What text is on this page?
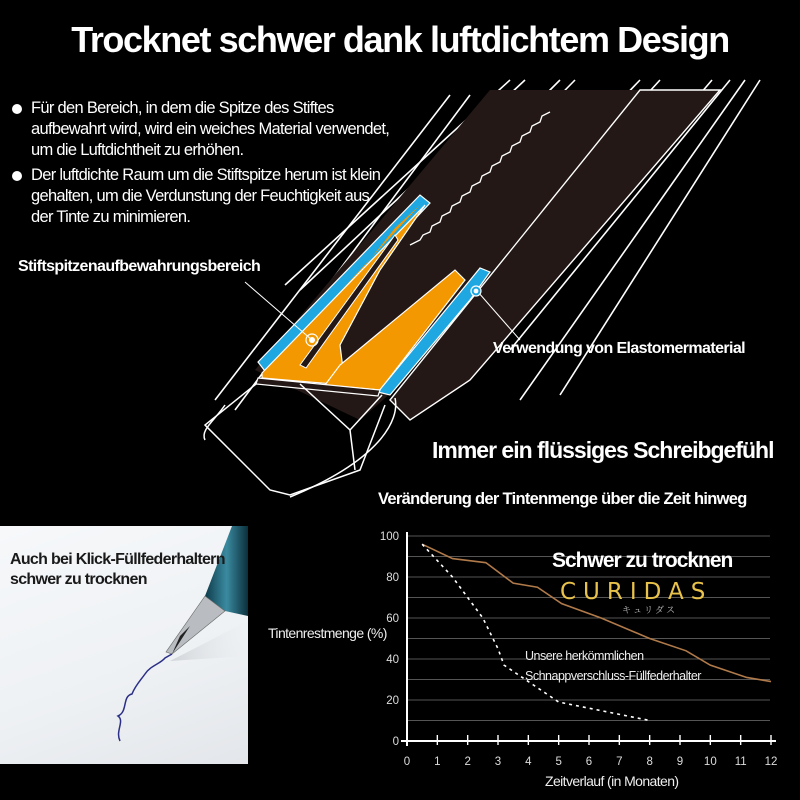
Trocknet schwer dank luftdichtem Design
Für den Bereich, in dem die Spitze des Stiftes aufbewahrt wird, wird ein weiches Material verwendet, um die Luftdichtheit zu erhöhen.
Der luftdichte Raum um die Stiftspitze herum ist klein gehalten, um die Verdunstung der Feuchtigkeit aus der Tinte zu minimieren.
Stiftspitzenaufbewahrungsbereich
Verwendung von Elastomermaterial
Immer ein flüssiges Schreibgefühl
Veränderung der Tintenmenge über die Zeit hinweg
Auch bei Klick-Füllfederhaltern
schwer zu trocknen
0 1 2 3 4 5 6 7 8 9 10 11 12
0
20
40
60
80
100
Tintenrestmenge (%)
Zeitverlauf (in Monaten)
Schwer zu trocknen
CURIDAS
キュリダス
Unsere herkömmlichen
Schnappverschluss-Füllfederhalter
